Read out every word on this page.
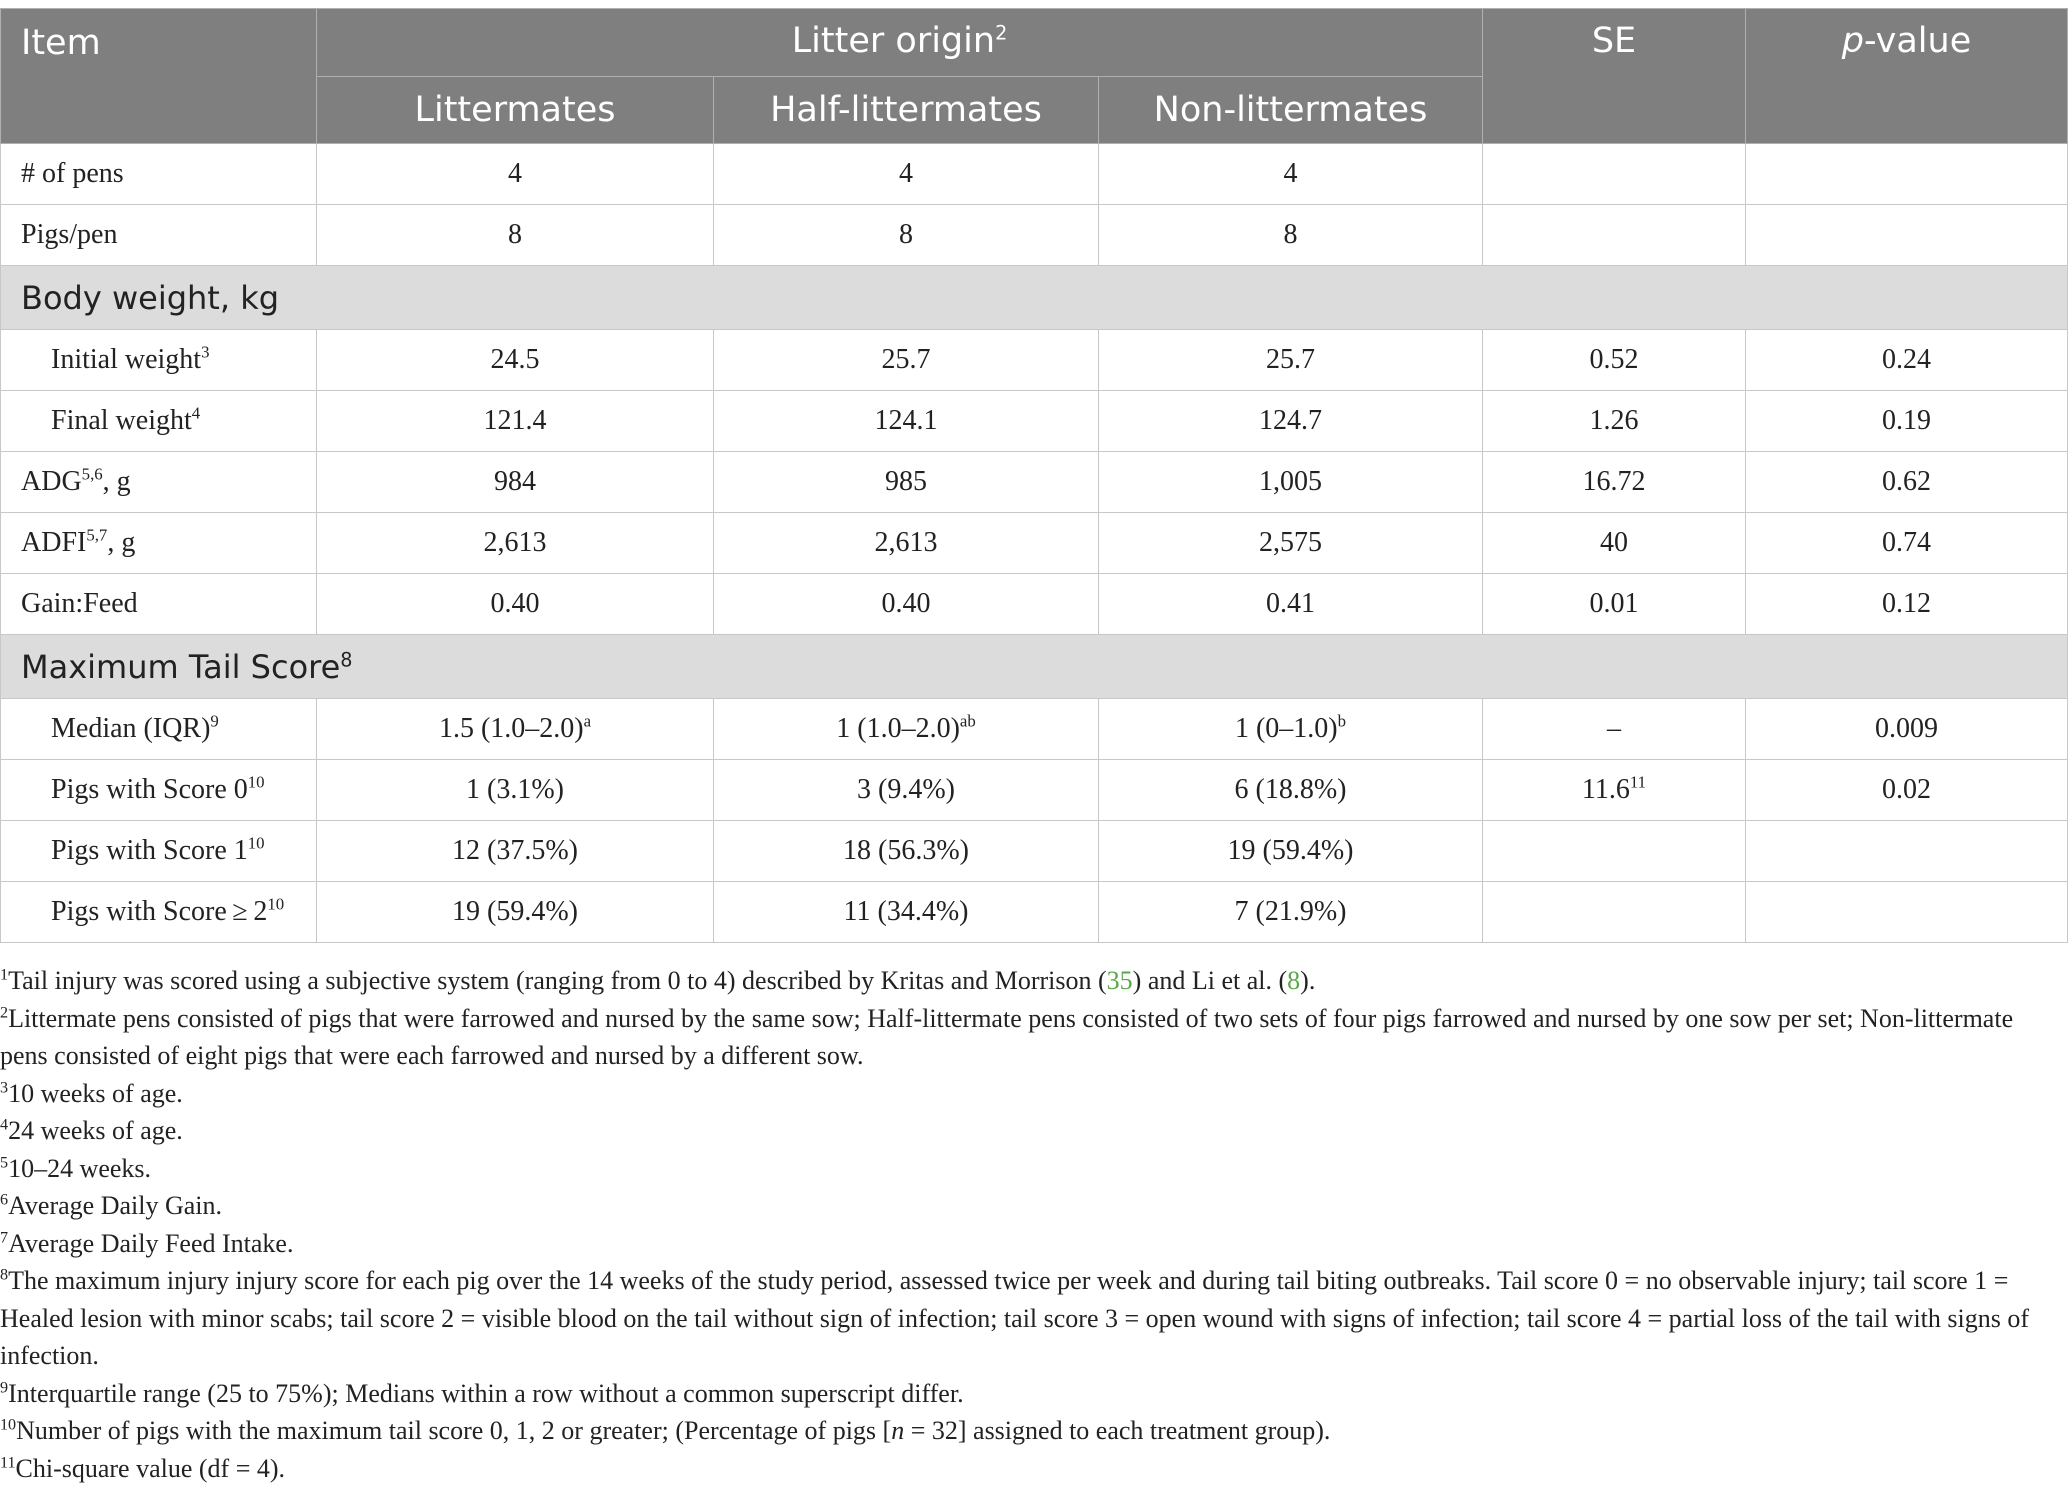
Item	Litter origin$^2$			SE	p-value
	Littermates	Half-littermates	Non-littermates		
# of pens	4	4	4		
Pigs/pen	8	8	8		
Body weight, kg					
Initial weight$^3$	24.5	25.7	25.7	0.52	0.24
Final weight$^4$	121.4	124.1	124.7	1.26	0.19
ADG$^{5,6}$, g	984	985	1,005	16.72	0.62
ADFI$^{5,7}$, g	2,613	2,613	2,575	40	0.74
Gain:Feed	0.40	0.40	0.41	0.01	0.12
Maximum Tail Score$^8$
Median (IQR)$^9$	1.5 $(1.0-2.0)^a$	1 $(1.0-2.0)^{ab}$	1 $(0-1.0)^b$	–	0.009
Pigs with Score $0^{10}$	1 (3.1%)	3 (9.4%)	6 (18.8%)	11.6$^{11}$	0.02
Pigs with Score $1^{10}$	12 (37.5%)	18 (56.3%)	19 (59.4%)		
Pigs with Score ≥ $2^{10}$	19 (59.4%)	11 (34.4%)	7 (21.9%)		

$^1$Tail injury was scored using a subjective system (ranging from 0 to 4) described by Kritas and Morrison (35) and Li et al. (8).

$^2$Littermate pens consisted of pigs that were farrowed and nursed by the same sow; Half-littermate pens consisted of two sets of four pigs farrowed and nursed by one sow per set; Non-littermate pens consisted of eight pigs that were each farrowed and nursed by a different sow.

$^3$10 weeks of age.

$^4$24 weeks of age.

$^5$10–24 weeks.

$^6$Average Daily Gain.

$^7$Average Daily Feed Intake.

$^8$The maximum injury injury score for each pig over the 14 weeks of the study period, assessed twice per week and during tail biting outbreaks. Tail score 0 = no observable injury; tail score 1 = Healed lesion with minor scabs; tail score 2 = visible blood on the tail without sign of infection; tail score 3 = open wound with signs of infection; tail score 4 = partial loss of the tail with signs of infection.

$^9$Interquartile range (25 to 75%); Medians within a row without a common superscript differ.

$^{10}$Number of pigs with the maximum tail score 0, 1, 2 or greater; (Percentage of pigs [n = 32] assigned to each treatment group).

$^{11}$Chi-square value (df = 4).
